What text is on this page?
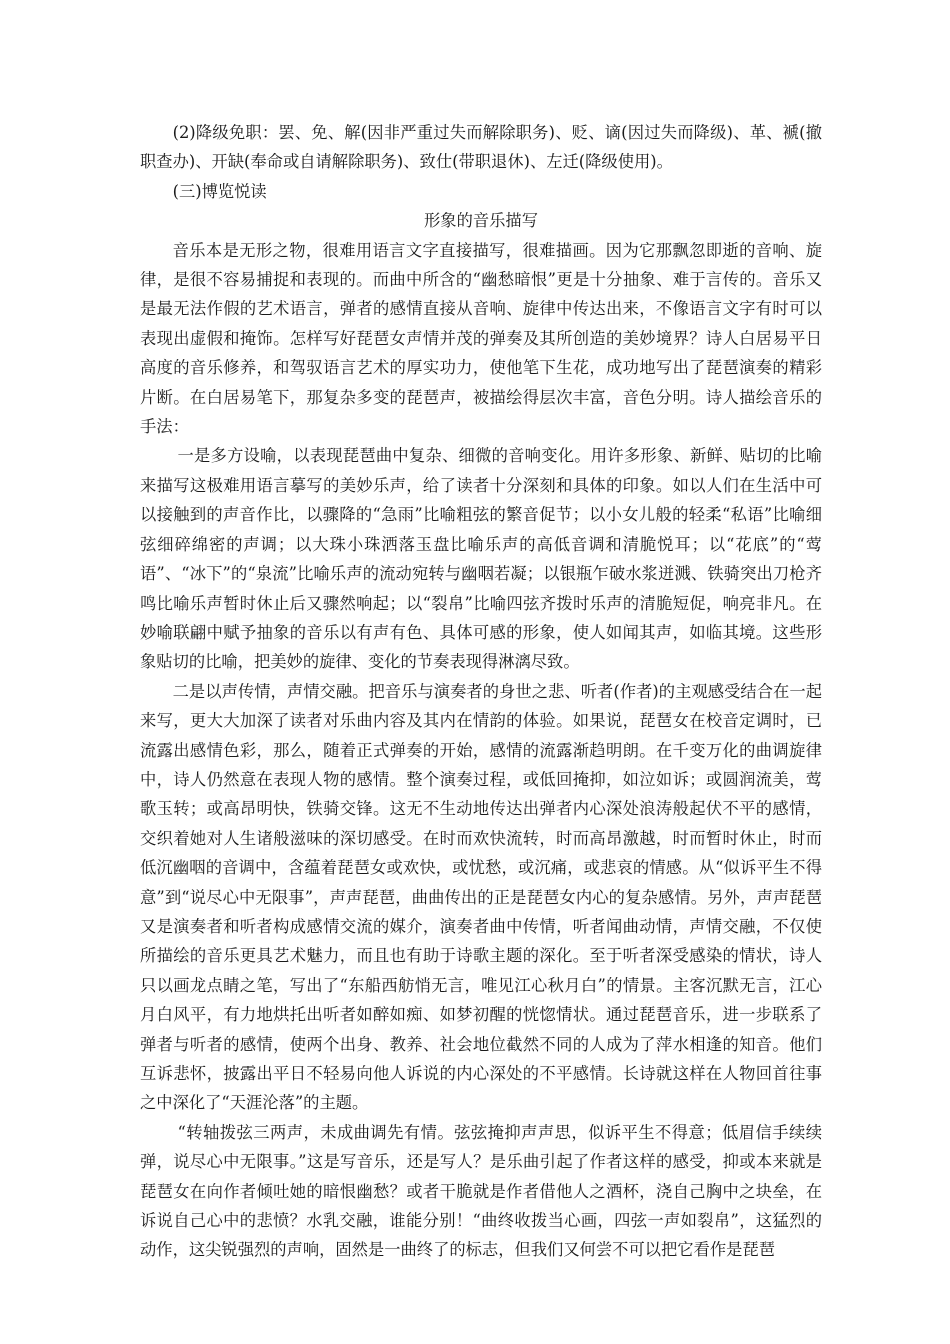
(2)降级免职：罢、免、解(因非严重过失而解除职务)、贬、谪(因过失而降级)、革、褫(撤职查办)、开缺(奉命或自请解除职务)、致仕(带职退休)、左迁(降级使用)。

(三)博览悦读

形象的音乐描写

音乐本是无形之物，很难用语言文字直接描写，很难描画。因为它那飘忽即逝的音响、旋律，是很不容易捕捉和表现的。而曲中所含的“幽愁暗恨”更是十分抽象、难于言传的。音乐又是最无法作假的艺术语言，弹者的感情直接从音响、旋律中传达出来，不像语言文字有时可以表现出虚假和掩饰。怎样写好琵琶女声情并茂的弹奏及其所创造的美妙境界？诗人白居易平日高度的音乐修养，和驾驭语言艺术的厚实功力，使他笔下生花，成功地写出了琵琶演奏的精彩片断。在白居易笔下，那复杂多变的琵琶声，被描绘得层次丰富，音色分明。诗人描绘音乐的手法：

一是多方设喻，以表现琵琶曲中复杂、细微的音响变化。用许多形象、新鲜、贴切的比喻来描写这极难用语言摹写的美妙乐声，给了读者十分深刻和具体的印象。如以人们在生活中可以接触到的声音作比，以骤降的“急雨”比喻粗弦的繁音促节；以小女儿般的轻柔“私语”比喻细弦细碎绵密的声调；以大珠小珠洒落玉盘比喻乐声的高低音调和清脆悦耳；以“花底”的“莺语”、“冰下”的“泉流”比喻乐声的流动宛转与幽咽若凝；以银瓶乍破水浆迸溅、铁骑突出刀枪齐鸣比喻乐声暂时休止后又骤然响起；以“裂帛”比喻四弦齐拨时乐声的清脆短促，响亮非凡。在妙喻联翩中赋予抽象的音乐以有声有色、具体可感的形象，使人如闻其声，如临其境。这些形象贴切的比喻，把美妙的旋律、变化的节奏表现得淋漓尽致。

二是以声传情，声情交融。把音乐与演奏者的身世之悲、听者(作者)的主观感受结合在一起来写，更大大加深了读者对乐曲内容及其内在情韵的体验。如果说，琵琶女在校音定调时，已流露出感情色彩，那么，随着正式弹奏的开始，感情的流露渐趋明朗。在千变万化的曲调旋律中，诗人仍然意在表现人物的感情。整个演奏过程，或低回掩抑，如泣如诉；或圆润流美，莺歌玉转；或高昂明快，铁骑交锋。这无不生动地传达出弹者内心深处浪涛般起伏不平的感情，交织着她对人生诸般滋味的深切感受。在时而欢快流转，时而高昂激越，时而暂时休止，时而低沉幽咽的音调中，含蕴着琵琶女或欢快，或忧愁，或沉痛，或悲哀的情感。从“似诉平生不得意”到“说尽心中无限事”，声声琵琶，曲曲传出的正是琵琶女内心的复杂感情。另外，声声琵琶又是演奏者和听者构成感情交流的媒介，演奏者曲中传情，听者闻曲动情，声情交融，不仅使所描绘的音乐更具艺术魅力，而且也有助于诗歌主题的深化。至于听者深受感染的情状，诗人只以画龙点睛之笔，写出了“东船西舫悄无言，唯见江心秋月白”的情景。主客沉默无言，江心月白风平，有力地烘托出听者如醉如痴、如梦初醒的恍惚情状。通过琵琶音乐，进一步联系了弹者与听者的感情，使两个出身、教养、社会地位截然不同的人成为了萍水相逢的知音。他们互诉悲怀，披露出平日不轻易向他人诉说的内心深处的不平感情。长诗就这样在人物回首往事之中深化了“天涯沦落”的主题。

“转轴拨弦三两声，未成曲调先有情。弦弦掩抑声声思，似诉平生不得意；低眉信手续续弹，说尽心中无限事。”这是写音乐，还是写人？是乐曲引起了作者这样的感受，抑或本来就是琵琶女在向作者倾吐她的暗恨幽愁？或者干脆就是作者借他人之酒杯，浇自己胸中之块垒，在诉说自己心中的悲愤？水乳交融，谁能分别！“曲终收拨当心画，四弦一声如裂帛”，这猛烈的动作，这尖锐强烈的声响，固然是一曲终了的标志，但我们又何尝不可以把它看作是琵琶
